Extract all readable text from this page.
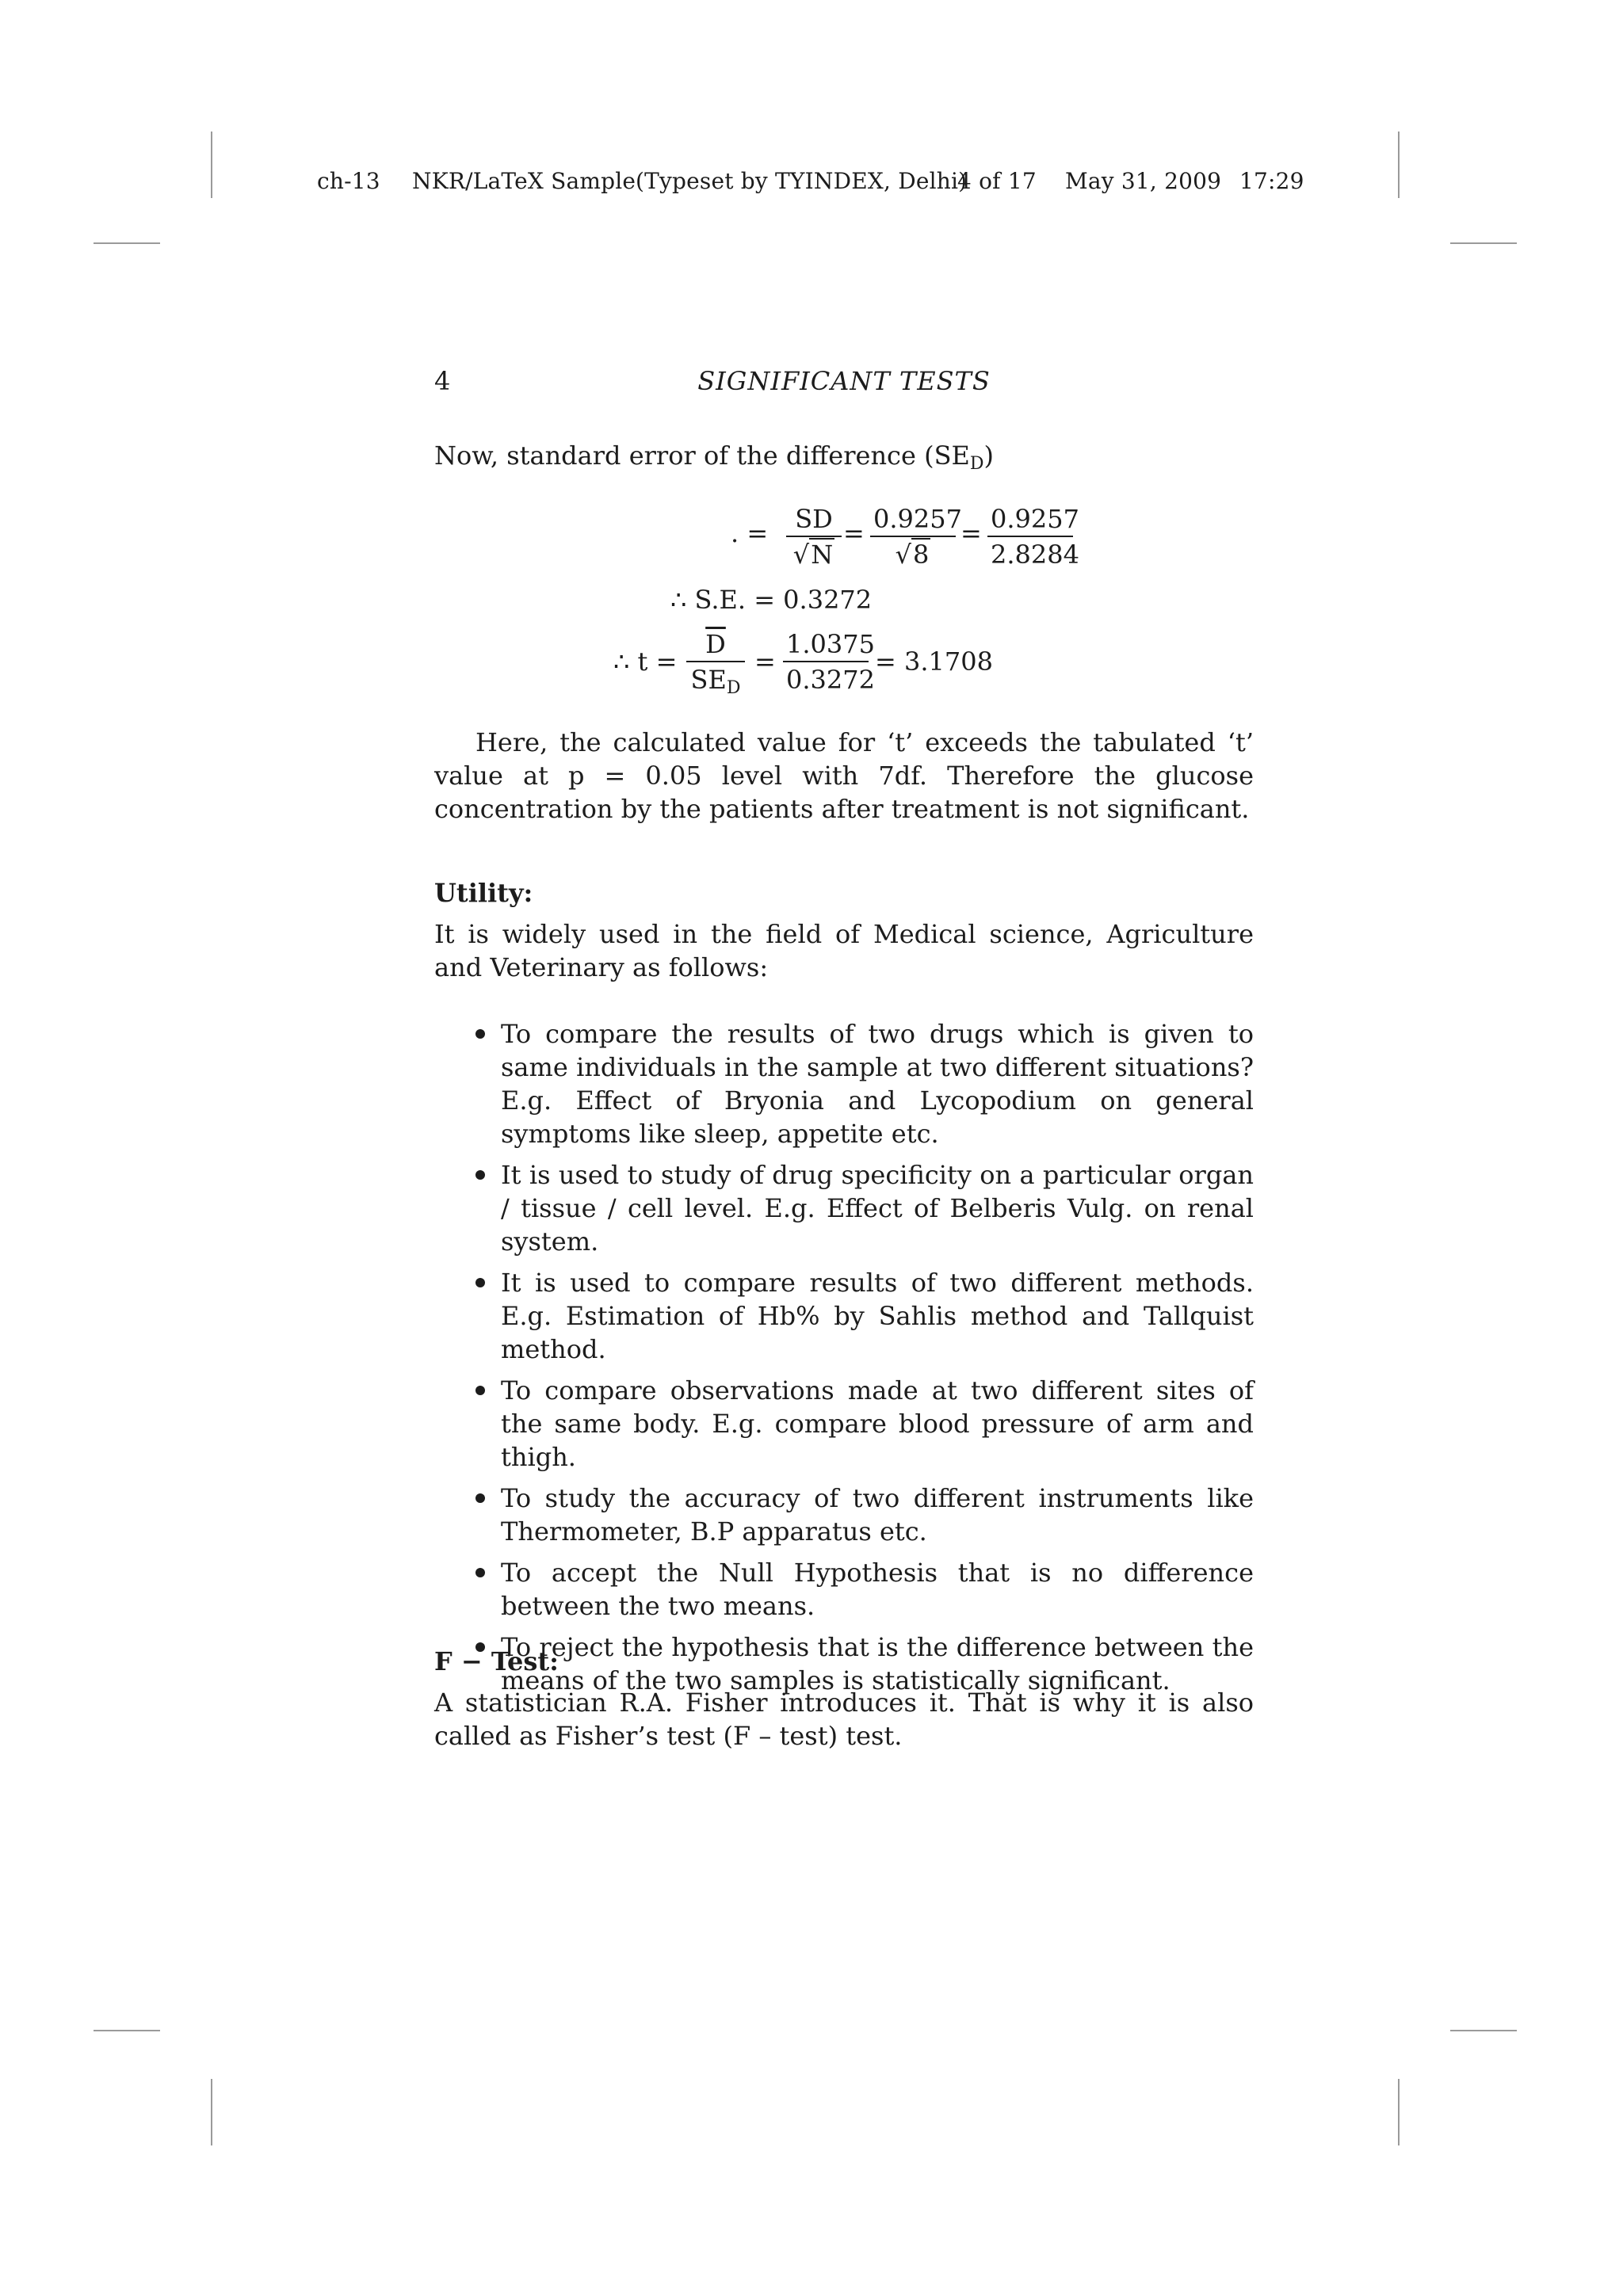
ch-13 NKR/LaTeX Sample (Typeset by TYINDEX, Delhi)
4 of 17 May 31, 2009 17:29
4	SIGNIFICANT TESTS

Now, standard error of the difference $(SE_D)$

. = $\frac{SD}{√N} = \frac{0.9257}{√8} = \frac{0.9257}{2.8284}$
∴ S.E. = 0.3272
∴ t =
$\overline{D}$
$SE_D$
= $\frac{1.0375}{0.3272} = 3.1708$

Here, the calculated value for ‘t’ exceeds the tabulated ‘t’ value at p = 0.05 level with 7df. Therefore the glucose concentration by the patients after treatment is not significant.

Utility:

It is widely used in the field of Medical science, Agriculture and Veterinary as follows:

To compare the results of two drugs which is given to same individuals in the sample at two different situations? E.g. Effect of Bryonia and Lycopodium on general symptoms like sleep, appetite etc.
It is used to study of drug specificity on a particular organ / tissue / cell level. E.g. Effect of Belberis Vulg. on renal system.
It is used to compare results of two different methods. E.g. Estimation of Hb% by Sahlis method and Tallquist method.
To compare observations made at two different sites of the same body. E.g. compare blood pressure of arm and thigh.
To study the accuracy of two different instruments like Thermometer, B.P apparatus etc.
To accept the Null Hypothesis that is no difference between the two means.
To reject the hypothesis that is the difference between the means of the two samples is statistically significant.

F − Test:

A statistician R.A. Fisher introduces it. That is why it is also called as Fisher’s test (F – test) test.
